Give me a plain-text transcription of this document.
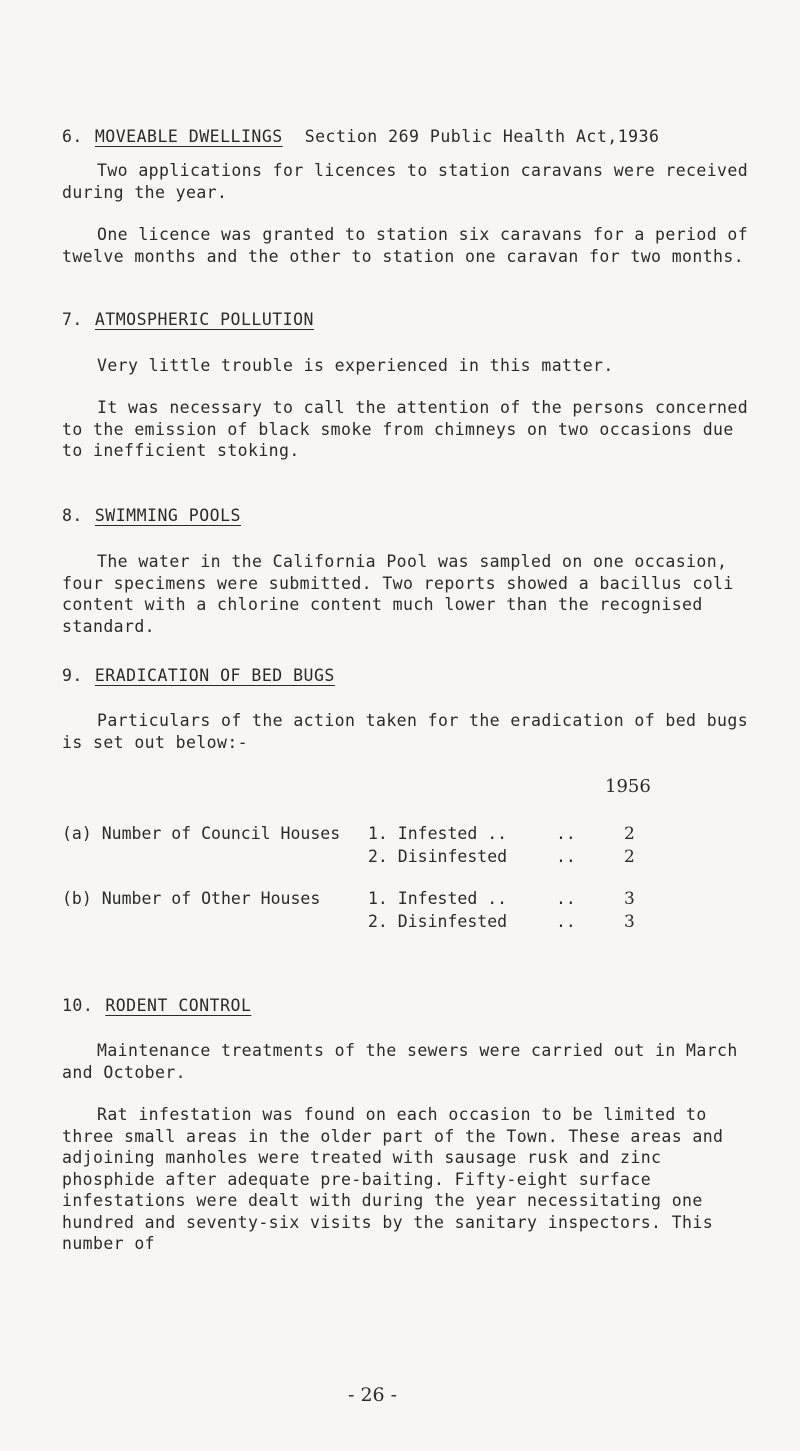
6. MOVEABLE DWELLINGS Section 269 Public Health Act,1936
Two applications for licences to station caravans were received during the year.
One licence was granted to station six caravans for a period of twelve months and the other to station one caravan for two months.
7. ATMOSPHERIC POLLUTION
Very little trouble is experienced in this matter.
It was necessary to call the attention of the persons concerned to the emission of black smoke from chimneys on two occasions due to inefficient stoking.
8. SWIMMING POOLS
The water in the California Pool was sampled on one occasion, four specimens were submitted. Two reports showed a bacillus coli content with a chlorine content much lower than the recognised standard.
9. ERADICATION OF BED BUGS
Particulars of the action taken for the eradication of bed bugs is set out below:-
1956
(a) Number of Council Houses 1. Infested ..	..	2
2. Disinfested	..	2
(b) Number of Other Houses	1. Infested ..	..	3
2. Disinfested	..	3
10. RODENT CONTROL
Maintenance treatments of the sewers were carried out in March and October.
Rat infestation was found on each occasion to be limited to three small areas in the older part of the Town. These areas and adjoining manholes were treated with sausage rusk and zinc phosphide after adequate pre-baiting. Fifty-eight surface infestations were dealt with during the year necessitating one hundred and seventy-six visits by the sanitary inspectors. This number of
- 26 -
